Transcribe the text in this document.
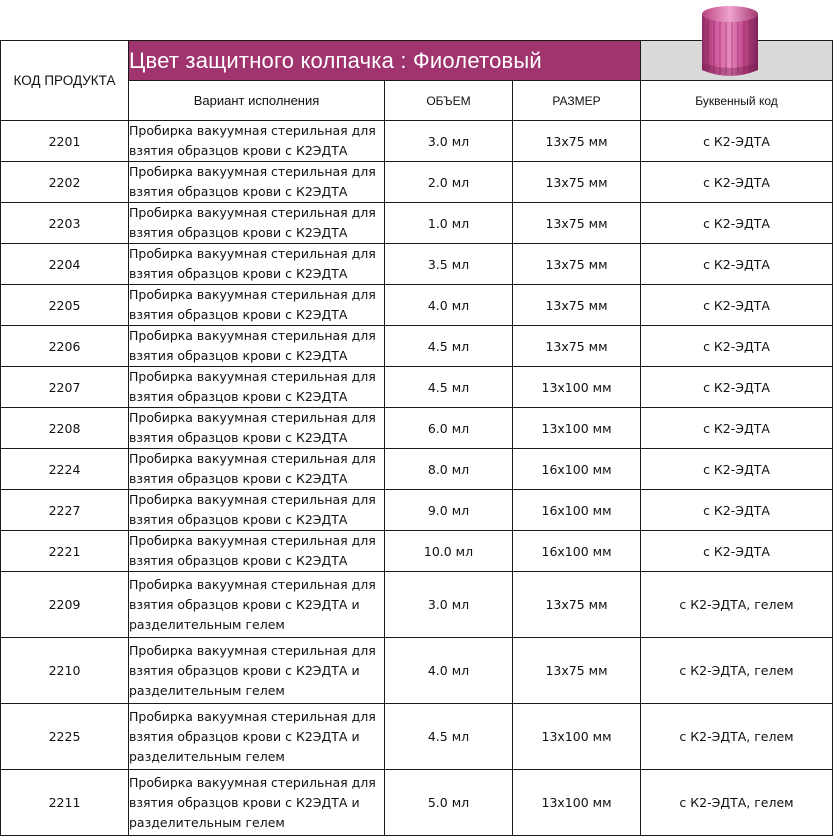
КОД ПРОДУКТА	Цвет защитного колпачка : Фиолетовый			
	Вариант исполнения	ОБЪЕМ	РАЗМЕР	Буквенный код
2201	Пробирка вакуумная стерильная для
взятия образцов крови с К2ЭДТА	3.0 мл	13х75 мм	с К2-ЭДТА
2202	Пробирка вакуумная стерильная для
взятия образцов крови с К2ЭДТА	2.0 мл	13х75 мм	с К2-ЭДТА
2203	Пробирка вакуумная стерильная для
взятия образцов крови с К2ЭДТА	1.0 мл	13х75 мм	с К2-ЭДТА
2204	Пробирка вакуумная стерильная для
взятия образцов крови с К2ЭДТА	3.5 мл	13х75 мм	с К2-ЭДТА
2205	Пробирка вакуумная стерильная для
взятия образцов крови с К2ЭДТА	4.0 мл	13х75 мм	с К2-ЭДТА
2206	Пробирка вакуумная стерильная для
взятия образцов крови с К2ЭДТА	4.5 мл	13х75 мм	с К2-ЭДТА
2207	Пробирка вакуумная стерильная для
взятия образцов крови с К2ЭДТА	4.5 мл	13х100 мм	с К2-ЭДТА
2208	Пробирка вакуумная стерильная для
взятия образцов крови с К2ЭДТА	6.0 мл	13х100 мм	с К2-ЭДТА
2224	Пробирка вакуумная стерильная для
взятия образцов крови с К2ЭДТА	8.0 мл	16х100 мм	с К2-ЭДТА
2227	Пробирка вакуумная стерильная для
взятия образцов крови с К2ЭДТА	9.0 мл	16х100 мм	с К2-ЭДТА
2221	Пробирка вакуумная стерильная для
взятия образцов крови с К2ЭДТА	10.0 мл	16х100 мм	с К2-ЭДТА
2209	Пробирка вакуумная стерильная для
взятия образцов крови с К2ЭДТА и
разделительным гелем	3.0 мл	13х75 мм	с К2-ЭДТА, гелем
2210	Пробирка вакуумная стерильная для
взятия образцов крови с К2ЭДТА и
разделительным гелем	4.0 мл	13х75 мм	с К2-ЭДТА, гелем
2225	Пробирка вакуумная стерильная для
взятия образцов крови с К2ЭДТА и
разделительным гелем	4.5 мл	13х100 мм	с К2-ЭДТА, гелем
2211	Пробирка вакуумная стерильная для
взятия образцов крови с К2ЭДТА и
разделительным гелем	5.0 мл	13х100 мм	с К2-ЭДТА, гелем
